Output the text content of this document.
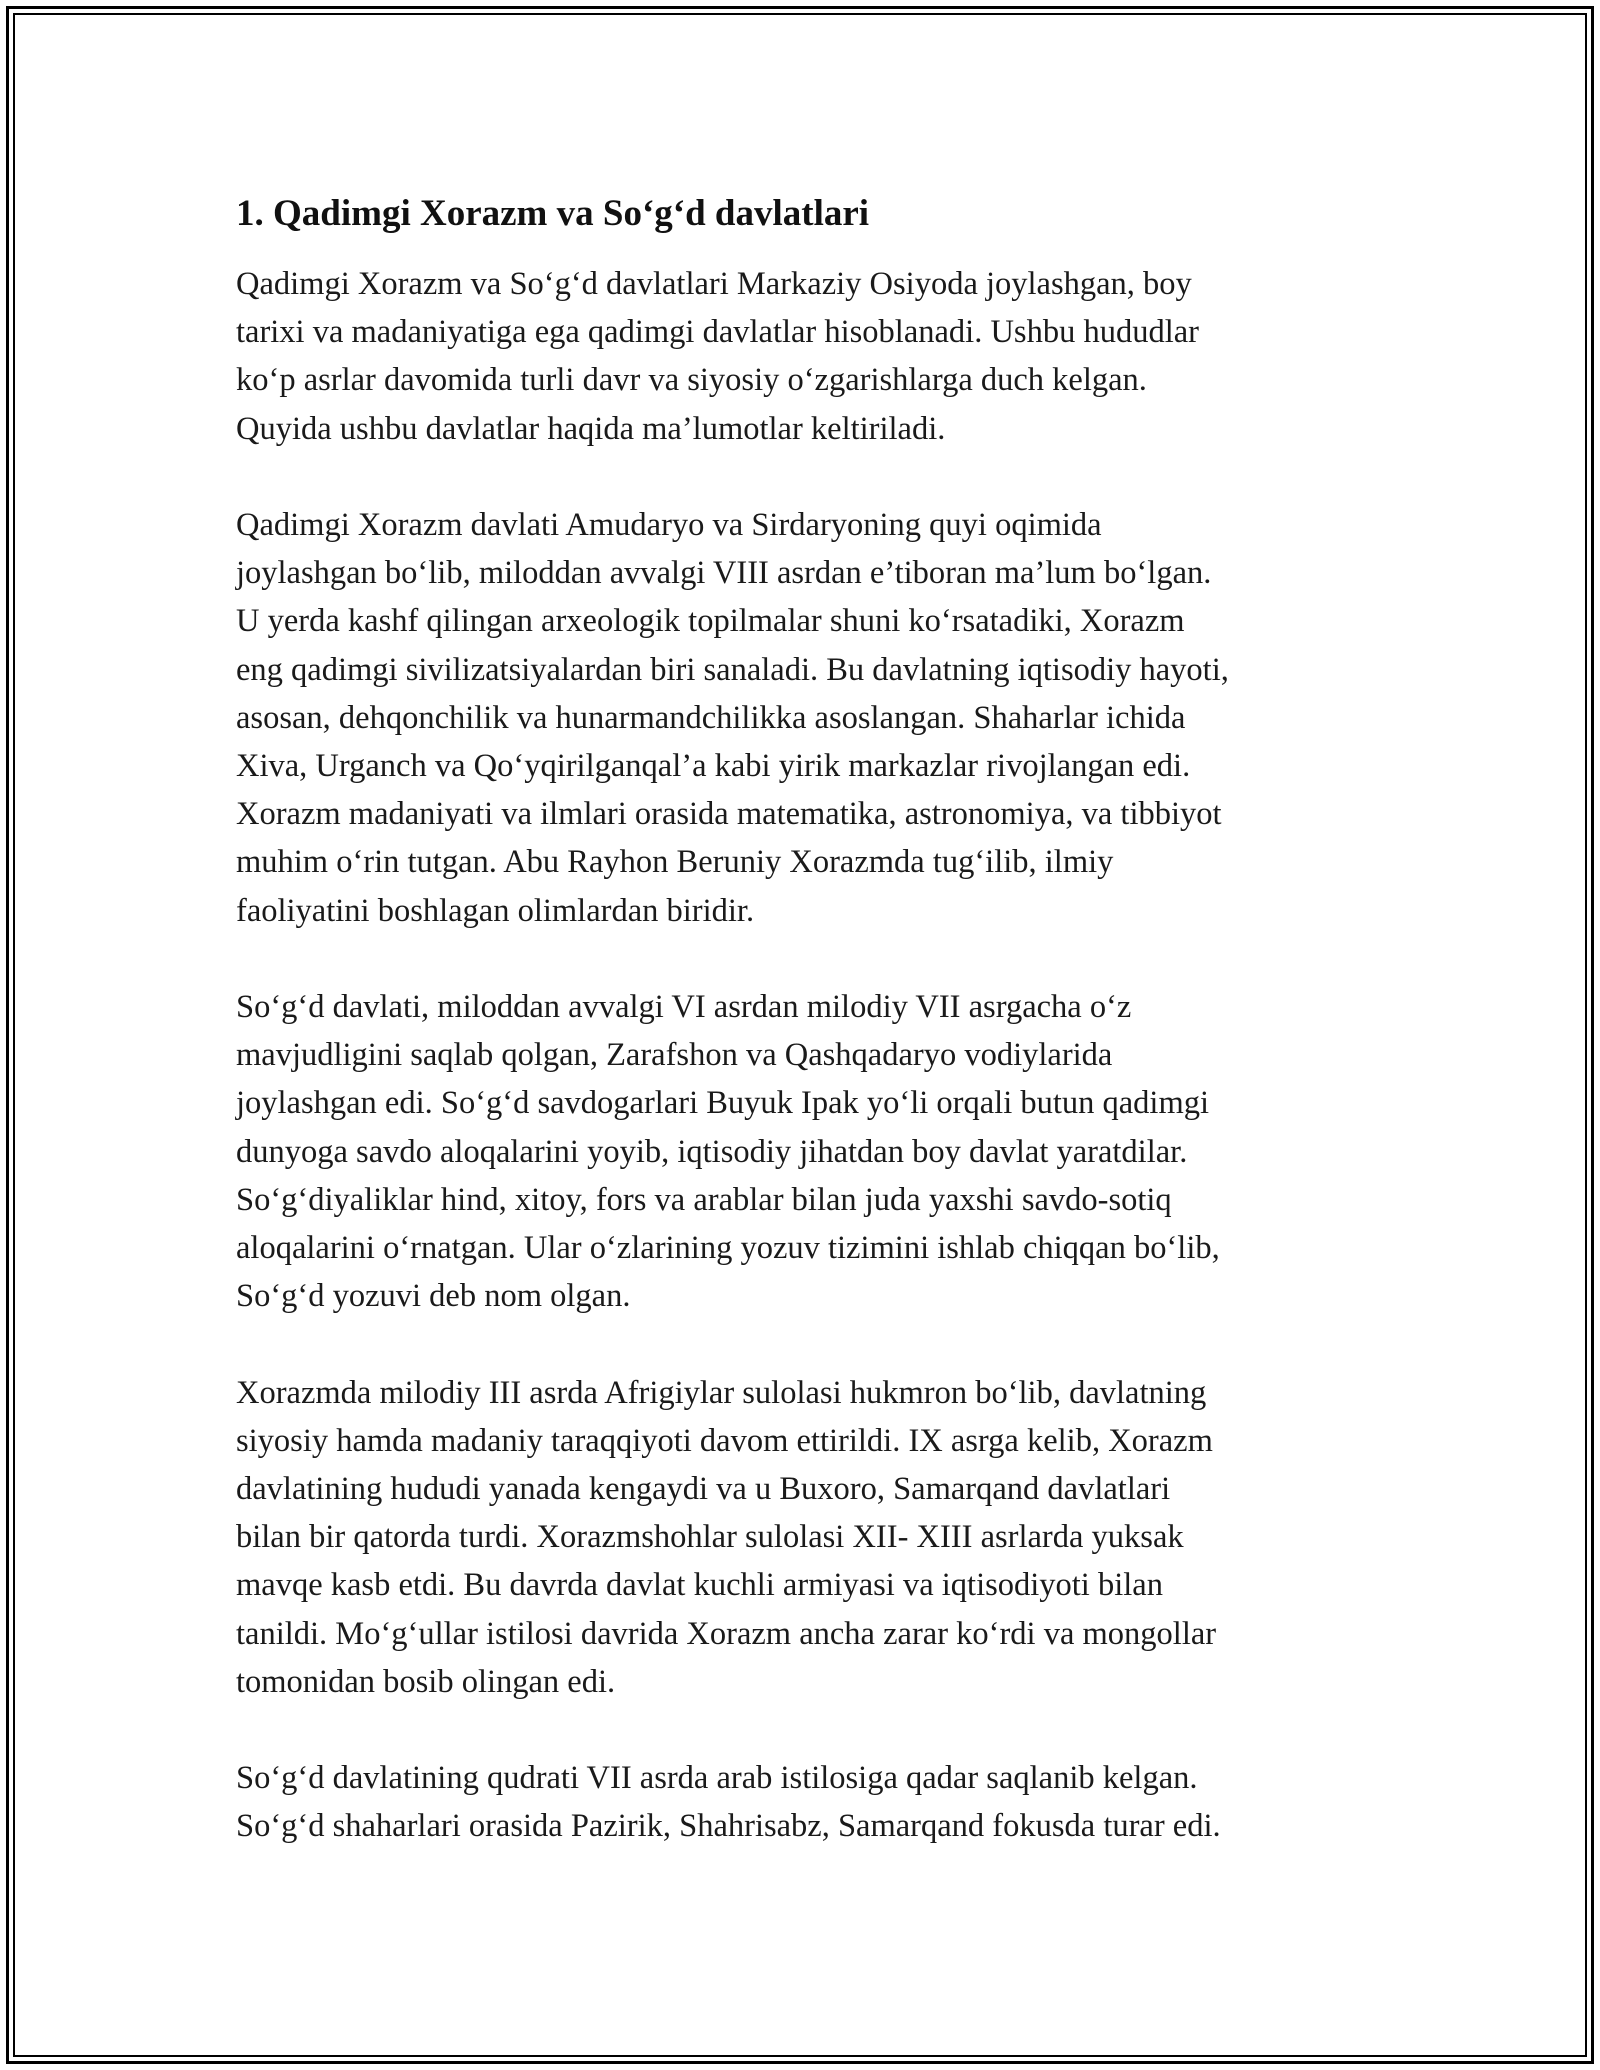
1. Qadimgi Xorazm va So‘g‘d davlatlari

Qadimgi Xorazm va So‘g‘d davlatlari Markaziy Osiyoda joylashgan, boy
tarixi va madaniyatiga ega qadimgi davlatlar hisoblanadi. Ushbu hududlar
ko‘p asrlar davomida turli davr va siyosiy o‘zgarishlarga duch kelgan.
Quyida ushbu davlatlar haqida ma’lumotlar keltiriladi.

Qadimgi Xorazm davlati Amudaryo va Sirdaryoning quyi oqimida
joylashgan bo‘lib, miloddan avvalgi VIII asrdan e’tiboran ma’lum bo‘lgan.
U yerda kashf qilingan arxeologik topilmalar shuni ko‘rsatadiki, Xorazm
eng qadimgi sivilizatsiyalardan biri sanaladi. Bu davlatning iqtisodiy hayoti,
asosan, dehqonchilik va hunarmandchilikka asoslangan. Shaharlar ichida
Xiva, Urganch va Qo‘yqirilganqal’a kabi yirik markazlar rivojlangan edi.
Xorazm madaniyati va ilmlari orasida matematika, astronomiya, va tibbiyot
muhim o‘rin tutgan. Abu Rayhon Beruniy Xorazmda tug‘ilib, ilmiy
faoliyatini boshlagan olimlardan biridir.

So‘g‘d davlati, miloddan avvalgi VI asrdan milodiy VII asrgacha o‘z
mavjudligini saqlab qolgan, Zarafshon va Qashqadaryo vodiylarida
joylashgan edi. So‘g‘d savdogarlari Buyuk Ipak yo‘li orqali butun qadimgi
dunyoga savdo aloqalarini yoyib, iqtisodiy jihatdan boy davlat yaratdilar.
So‘g‘diyaliklar hind, xitoy, fors va arablar bilan juda yaxshi savdo-sotiq
aloqalarini o‘rnatgan. Ular o‘zlarining yozuv tizimini ishlab chiqqan bo‘lib,
So‘g‘d yozuvi deb nom olgan.

Xorazmda milodiy III asrda Afrigiylar sulolasi hukmron bo‘lib, davlatning
siyosiy hamda madaniy taraqqiyoti davom ettirildi. IX asrga kelib, Xorazm
davlatining hududi yanada kengaydi va u Buxoro, Samarqand davlatlari
bilan bir qatorda turdi. Xorazmshohlar sulolasi XII- XIII asrlarda yuksak
mavqe kasb etdi. Bu davrda davlat kuchli armiyasi va iqtisodiyoti bilan
tanildi. Mo‘g‘ullar istilosi davrida Xorazm ancha zarar ko‘rdi va mongollar
tomonidan bosib olingan edi.

So‘g‘d davlatining qudrati VII asrda arab istilosiga qadar saqlanib kelgan.
So‘g‘d shaharlari orasida Pazirik, Shahrisabz, Samarqand fokusda turar edi.
